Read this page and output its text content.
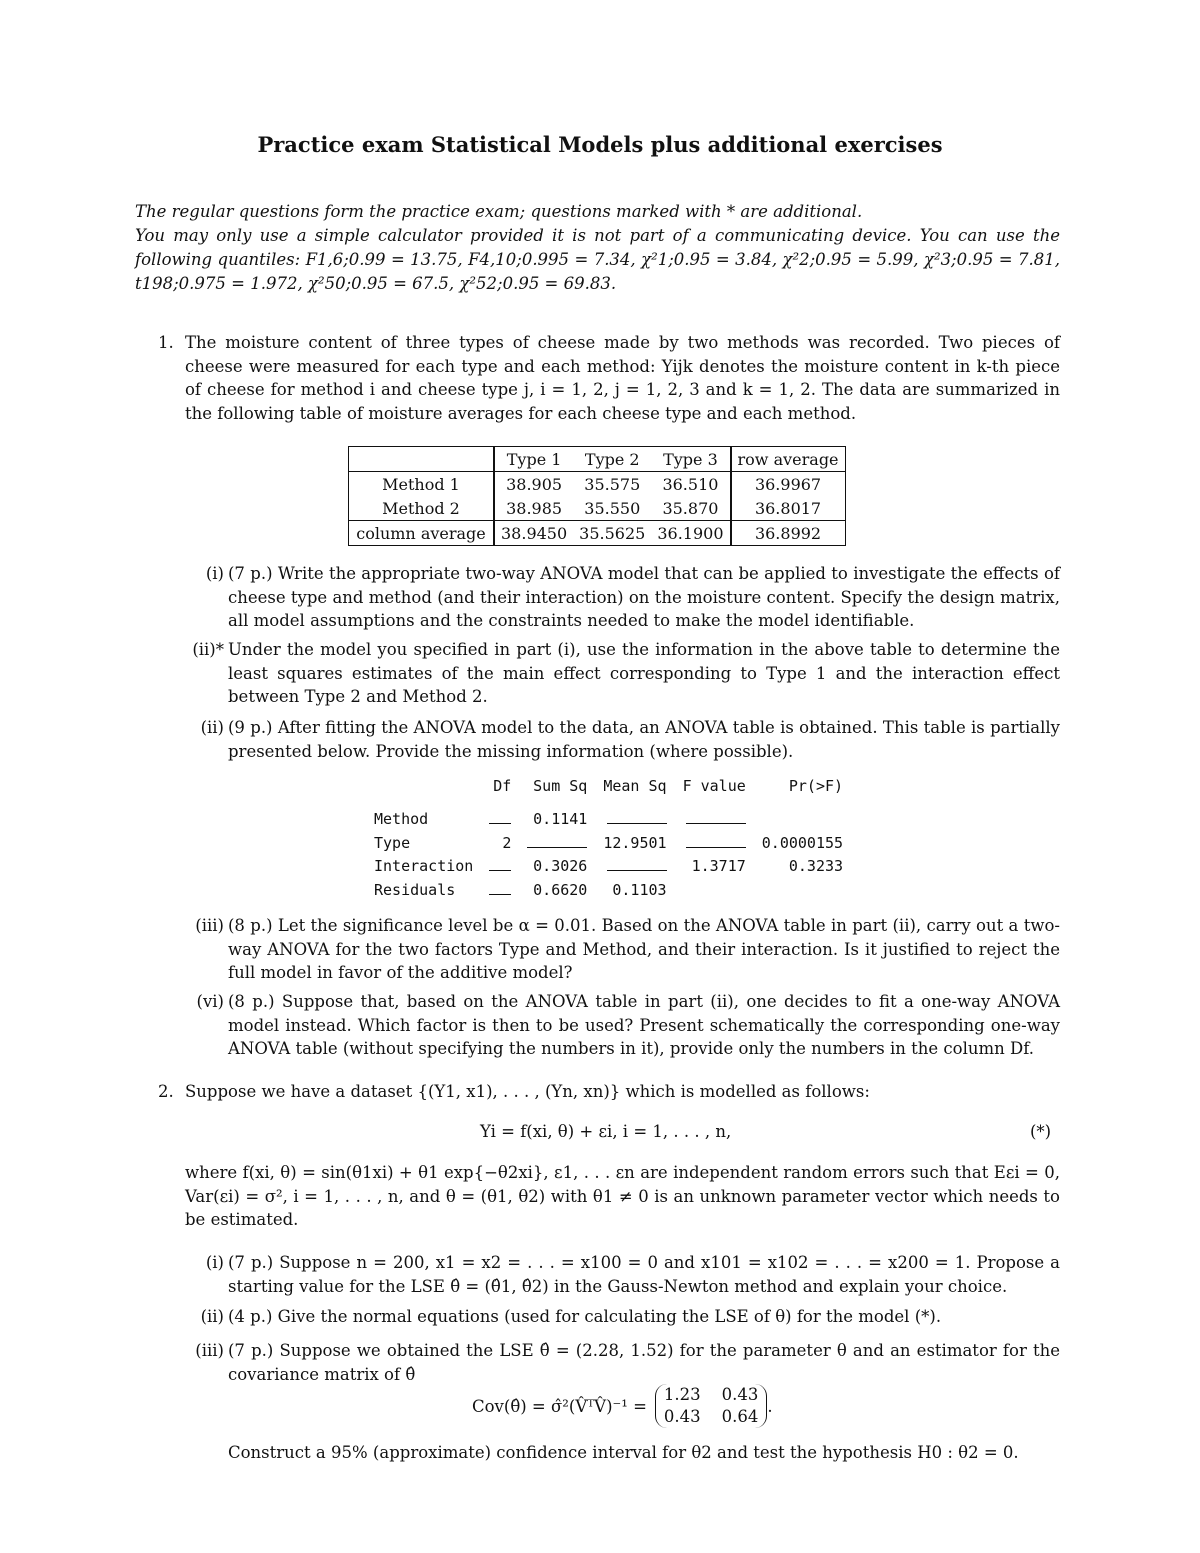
Practice exam Statistical Models plus additional exercises
The regular questions form the practice exam; questions marked with * are additional.
You may only use a simple calculator provided it is not part of a communicating device. You can use the following quantiles: F1,6;0.99 = 13.75, F4,10;0.995 = 7.34, χ²1;0.95 = 3.84, χ²2;0.95 = 5.99, χ²3;0.95 = 7.81, t198;0.975 = 1.972, χ²50;0.95 = 67.5, χ²52;0.95 = 69.83.
1. The moisture content of three types of cheese made by two methods was recorded. Two pieces of cheese were measured for each type and each method: Yijk denotes the moisture content in k-th piece of cheese for method i and cheese type j, i = 1, 2, j = 1, 2, 3 and k = 1, 2. The data are summarized in the following table of moisture averages for each cheese type and each method.
	Type 1	Type 2	Type 3	row average
Method 1	38.905	35.575	36.510	36.9967
Method 2	38.985	35.550	35.870	36.8017
column average	38.9450	35.5625	36.1900	36.8992
(i) (7 p.) Write the appropriate two-way ANOVA model that can be applied to investigate the effects of cheese type and method (and their interaction) on the moisture content. Specify the design matrix, all model assumptions and the constraints needed to make the model identifiable.
(ii)* Under the model you specified in part (i), use the information in the above table to determine the least squares estimates of the main effect corresponding to Type 1 and the interaction effect between Type 2 and Method 2.
(ii) (9 p.) After fitting the ANOVA model to the data, an ANOVA table is obtained. This table is partially presented below. Provide the missing information (where possible).
	Df	Sum Sq	Mean Sq	F value	Pr(>F)

Method		0.1141			
Type	2		12.9501		0.0000155
Interaction		0.3026		1.3717	0.3233
Residuals		0.6620	0.1103		
(iii) (8 p.) Let the significance level be α = 0.01. Based on the ANOVA table in part (ii), carry out a two-way ANOVA for the two factors Type and Method, and their interaction. Is it justified to reject the full model in favor of the additive model?
(vi) (8 p.) Suppose that, based on the ANOVA table in part (ii), one decides to fit a one-way ANOVA model instead. Which factor is then to be used? Present schematically the corresponding one-way ANOVA table (without specifying the numbers in it), provide only the numbers in the column Df.
2. Suppose we have a dataset {(Y1, x1), . . . , (Yn, xn)} which is modelled as follows:
Yi = f(xi, θ) + εi, i = 1, . . . , n,	(*)
where f(xi, θ) = sin(θ1xi) + θ1 exp{−θ2xi}, ε1, . . . εn are independent random errors such that Eεi = 0, Var(εi) = σ², i = 1, . . . , n, and θ = (θ1, θ2) with θ1 ≠ 0 is an unknown parameter vector which needs to be estimated.
(i) (7 p.) Suppose n = 200, x1 = x2 = . . . = x100 = 0 and x101 = x102 = . . . = x200 = 1. Propose a starting value for the LSE θ̂ = (θ̂1, θ̂2) in the Gauss-Newton method and explain your choice.
(ii) (4 p.) Give the normal equations (used for calculating the LSE of θ) for the model (*).
(iii) (7 p.) Suppose we obtained the LSE θ̂ = (2.28, 1.52) for the parameter θ and an estimator for the covariance matrix of θ̂
Cov(θ̂) = σ̂²(V̂ᵀV̂)⁻¹ =
1.23 0.43
0.43 0.64
.
Construct a 95% (approximate) confidence interval for θ2 and test the hypothesis H0 : θ2 = 0.
